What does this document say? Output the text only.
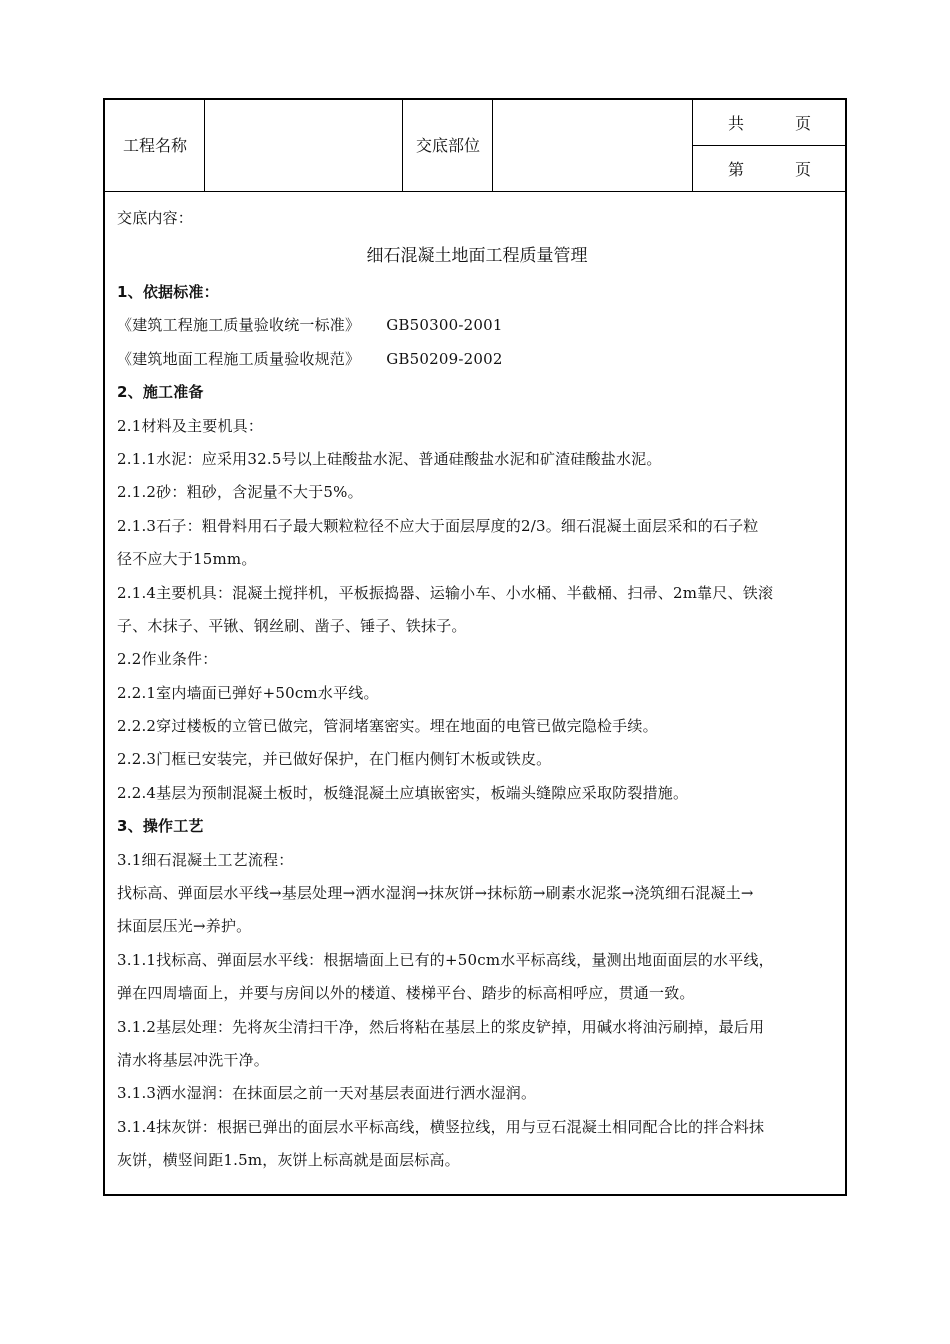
工程名称	交底部位
共	页
第	页
交底内容：
细石混凝土地面工程质量管理
1、依据标准：
《建筑工程施工质量验收统一标准》 GB50300-2001
《建筑地面工程施工质量验收规范》 GB50209-2002
2、施工准备
2.1材料及主要机具：
2.1.1水泥：应采用32.5号以上硅酸盐水泥、普通硅酸盐水泥和矿渣硅酸盐水泥。
2.1.2砂：粗砂，含泥量不大于5%。
2.1.3石子：粗骨料用石子最大颗粒粒径不应大于面层厚度的2/3。细石混凝土面层采和的石子粒
径不应大于15mm。
2.1.4主要机具：混凝土搅拌机，平板振捣器、运输小车、小水桶、半截桶、扫帚、2m靠尺、铁滚
子、木抹子、平锹、钢丝刷、凿子、锤子、铁抹子。
2.2作业条件：
2.2.1室内墙面已弹好+50cm水平线。
2.2.2穿过楼板的立管已做完，管洞堵塞密实。埋在地面的电管已做完隐检手续。
2.2.3门框已安装完，并已做好保护，在门框内侧钉木板或铁皮。
2.2.4基层为预制混凝土板时，板缝混凝土应填嵌密实，板端头缝隙应采取防裂措施。
3、操作工艺
3.1细石混凝土工艺流程：
找标高、弹面层水平线→基层处理→洒水湿润→抹灰饼→抹标筋→刷素水泥浆→浇筑细石混凝土→
抹面层压光→养护。
3.1.1找标高、弹面层水平线：根据墙面上已有的+50cm水平标高线，量测出地面面层的水平线，
弹在四周墙面上，并要与房间以外的楼道、楼梯平台、踏步的标高相呼应，贯通一致。
3.1.2基层处理：先将灰尘清扫干净，然后将粘在基层上的浆皮铲掉，用碱水将油污刷掉，最后用
清水将基层冲洗干净。
3.1.3洒水湿润：在抹面层之前一天对基层表面进行洒水湿润。
3.1.4抹灰饼：根据已弹出的面层水平标高线，横竖拉线，用与豆石混凝土相同配合比的拌合料抹
灰饼，横竖间距1.5m，灰饼上标高就是面层标高。
